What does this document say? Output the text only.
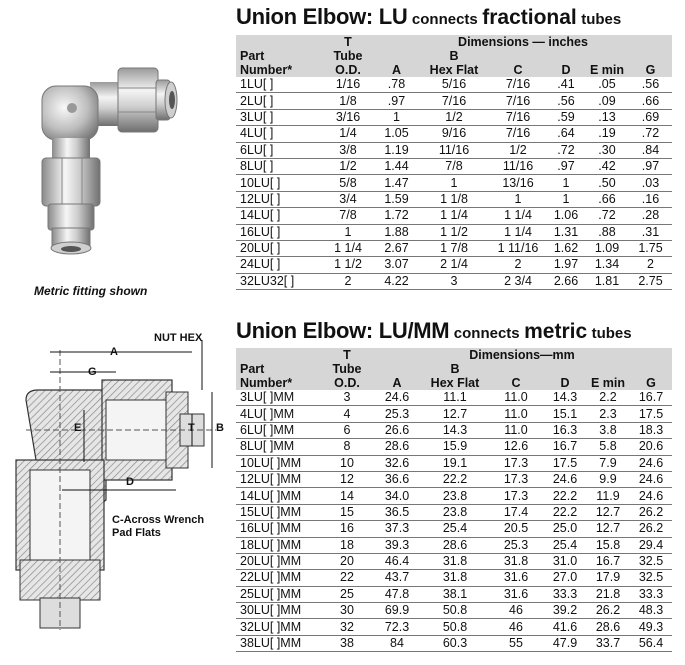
Metric fitting shown
NUT HEX
A
G
E	T B
D
C-Across Wrench
Pad Flats
Union Elbow: LU connects fractional tubes
	T	Dimensions — inches					
Part	Tube		B				
Number*	O.D.	A	Hex Flat	C	D	E min	G
1LU[ ]	1/16	.78	5/16	7/16	.41	.05	.56
2LU[ ]	1/8	.97	7/16	7/16	.56	.09	.66
3LU[ ]	3/16	1	1/2	7/16	.59	.13	.69
4LU[ ]	1/4	1.05	9/16	7/16	.64	.19	.72
6LU[ ]	3/8	1.19	11/16	1/2	.72	.30	.84
8LU[ ]	1/2	1.44	7/8	11/16	.97	.42	.97
10LU[ ]	5/8	1.47	1	13/16	1	.50	.03
12LU[ ]	3/4	1.59	1 1/8	1	1	.66	.16
14LU[ ]	7/8	1.72	1 1/4	1 1/4	1.06	.72	.28
16LU[ ]	1	1.88	1 1/2	1 1/4	1.31	.88	.31
20LU[ ]	1 1/4	2.67	1 7/8	1 11/16	1.62	1.09	1.75
24LU[ ]	1 1/2	3.07	2 1/4	2	1.97	1.34	2
32LU32[ ]	2	4.22	3	2 3/4	2.66	1.81	2.75
Union Elbow: LU/MM connects metric tubes
	T	Dimensions—mm					
Part	Tube		B				
Number*	O.D.	A	Hex Flat	C	D	E min	G
3LU[ ]MM	3	24.6	11.1	11.0	14.3	2.2	16.7
4LU[ ]MM	4	25.3	12.7	11.0	15.1	2.3	17.5
6LU[ ]MM	6	26.6	14.3	11.0	16.3	3.8	18.3
8LU[ ]MM	8	28.6	15.9	12.6	16.7	5.8	20.6
10LU[ ]MM	10	32.6	19.1	17.3	17.5	7.9	24.6
12LU[ ]MM	12	36.6	22.2	17.3	24.6	9.9	24.6
14LU[ ]MM	14	34.0	23.8	17.3	22.2	11.9	24.6
15LU[ ]MM	15	36.5	23.8	17.4	22.2	12.7	26.2
16LU[ ]MM	16	37.3	25.4	20.5	25.0	12.7	26.2
18LU[ ]MM	18	39.3	28.6	25.3	25.4	15.8	29.4
20LU[ ]MM	20	46.4	31.8	31.8	31.0	16.7	32.5
22LU[ ]MM	22	43.7	31.8	31.6	27.0	17.9	32.5
25LU[ ]MM	25	47.8	38.1	31.6	33.3	21.8	33.3
30LU[ ]MM	30	69.9	50.8	46	39.2	26.2	48.3
32LU[ ]MM	32	72.3	50.8	46	41.6	28.6	49.3
38LU[ ]MM	38	84	60.3	55	47.9	33.7	56.4
